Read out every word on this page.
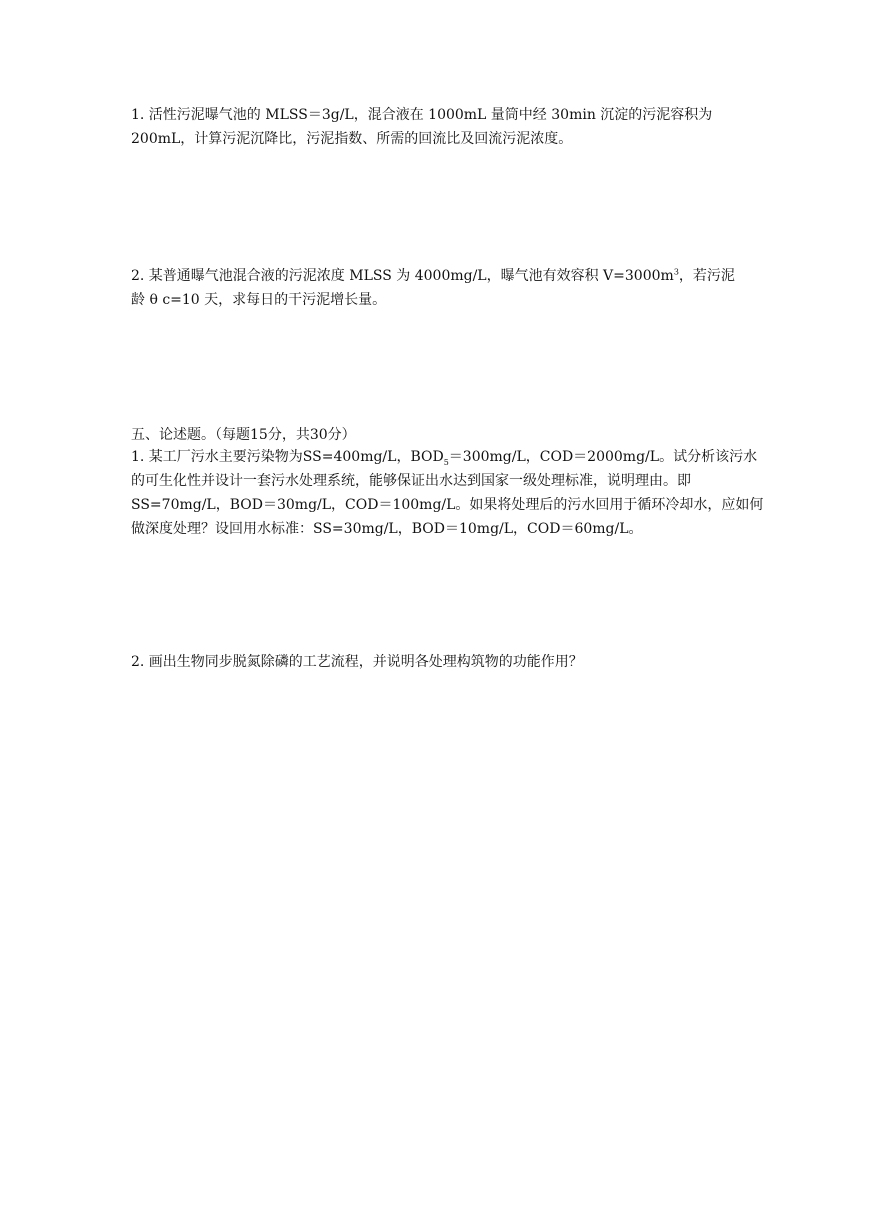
1. 活性污泥曝气池的 MLSS＝3g/L，混合液在 1000mL 量筒中经 30min 沉淀的污泥容积为
200mL，计算污泥沉降比，污泥指数、所需的回流比及回流污泥浓度。
2. 某普通曝气池混合液的污泥浓度 MLSS 为 4000mg/L，曝气池有效容积 $V=3000m^3$，若污泥
龄 θ c=10 天，求每日的干污泥增长量。
五、论述题。（每题15分，共30分）
1. 某工厂污水主要污染物为SS=400mg/L，$BOD_5=300mg/L$，COD＝2000mg/L。试分析该污水
的可生化性并设计一套污水处理系统，能够保证出水达到国家一级处理标准，说明理由。即
SS=70mg/L，BOD＝30mg/L，COD＝100mg/L。如果将处理后的污水回用于循环冷却水，应如何
做深度处理？设回用水标准：SS=30mg/L，BOD＝10mg/L，COD＝60mg/L。
2. 画出生物同步脱氮除磷的工艺流程，并说明各处理构筑物的功能作用？
